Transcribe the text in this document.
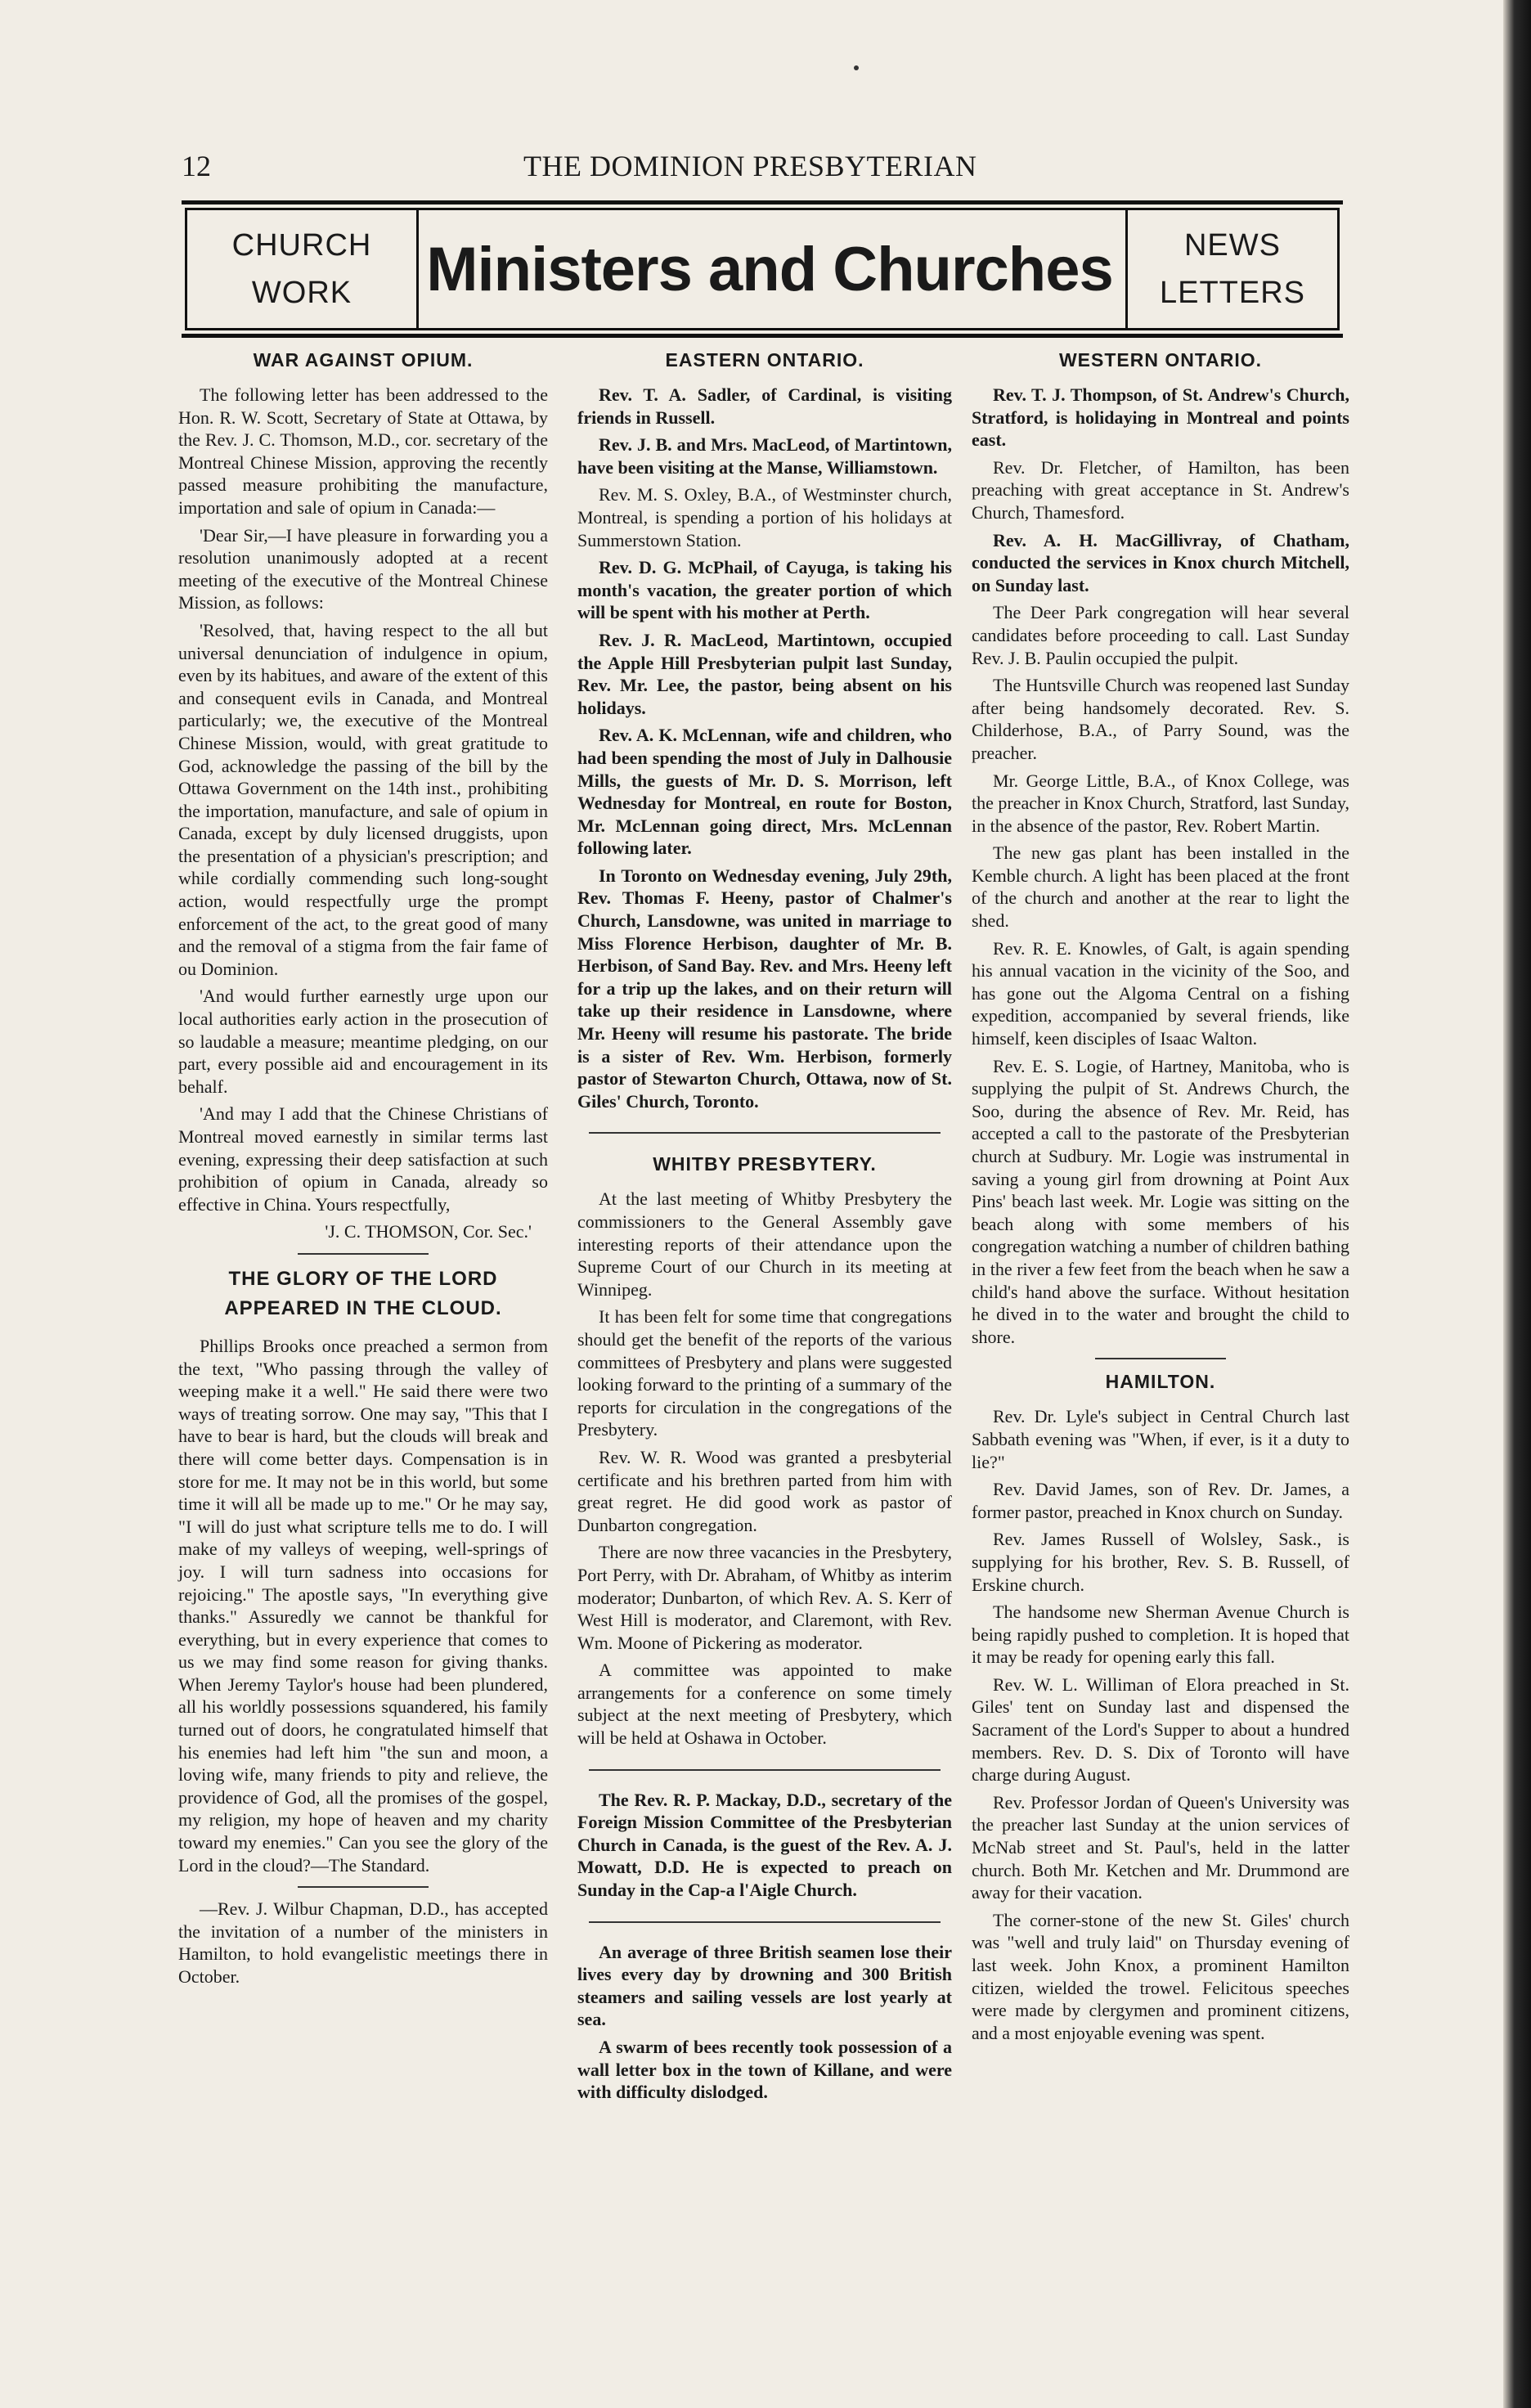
12	THE DOMINION PRESBYTERIAN
CHURCH
WORK	Ministers and Churches	NEWS
LETTERS
WAR AGAINST OPIUM.

The following letter has been addressed to the Hon. R. W. Scott, Secretary of State at Ottawa, by the Rev. J. C. Thomson, M.D., cor. secretary of the Montreal Chinese Mission, approving the recently passed measure prohibiting the manufacture, importation and sale of opium in Canada:—

'Dear Sir,—I have pleasure in forwarding you a resolution unanimously adopted at a recent meeting of the executive of the Montreal Chinese Mission, as follows:

'Resolved, that, having respect to the all but universal denunciation of indulgence in opium, even by its habitues, and aware of the extent of this and consequent evils in Canada, and Montreal particularly; we, the executive of the Montreal Chinese Mission, would, with great gratitude to God, acknowledge the passing of the bill by the Ottawa Government on the 14th inst., prohibiting the importation, manufacture, and sale of opium in Canada, except by duly licensed druggists, upon the presentation of a physician's prescription; and while cordially commending such long-sought action, would respectfully urge the prompt enforcement of the act, to the great good of many and the removal of a stigma from the fair fame of ou Dominion.

'And would further earnestly urge upon our local authorities early action in the prosecution of so laudable a measure; meantime pledging, on our part, every possible aid and encouragement in its behalf.

'And may I add that the Chinese Christians of Montreal moved earnestly in similar terms last evening, expressing their deep satisfaction at such prohibition of opium in Canada, already so effective in China. Yours respectfully,

'J. C. THOMSON, Cor. Sec.'

THE GLORY OF THE LORD APPEARED IN THE CLOUD.

Phillips Brooks once preached a sermon from the text, "Who passing through the valley of weeping make it a well." He said there were two ways of treating sorrow. One may say, "This that I have to bear is hard, but the clouds will break and there will come better days. Compensation is in store for me. It may not be in this world, but some time it will all be made up to me." Or he may say, "I will do just what scripture tells me to do. I will make of my valleys of weeping, well-springs of joy. I will turn sadness into occasions for rejoicing." The apostle says, "In everything give thanks." Assuredly we cannot be thankful for everything, but in every experience that comes to us we may find some reason for giving thanks. When Jeremy Taylor's house had been plundered, all his worldly possessions squandered, his family turned out of doors, he congratulated himself that his enemies had left him "the sun and moon, a loving wife, many friends to pity and relieve, the providence of God, all the promises of the gospel, my religion, my hope of heaven and my charity toward my enemies." Can you see the glory of the Lord in the cloud?—The Standard.

—Rev. J. Wilbur Chapman, D.D., has accepted the invitation of a number of the ministers in Hamilton, to hold evangelistic meetings there in October.

EASTERN ONTARIO.

Rev. T. A. Sadler, of Cardinal, is visiting friends in Russell.

Rev. J. B. and Mrs. MacLeod, of Martintown, have been visiting at the Manse, Williamstown.

Rev. M. S. Oxley, B.A., of Westminster church, Montreal, is spending a portion of his holidays at Summerstown Station.

Rev. D. G. McPhail, of Cayuga, is taking his month's vacation, the greater portion of which will be spent with his mother at Perth.

Rev. J. R. MacLeod, Martintown, occupied the Apple Hill Presbyterian pulpit last Sunday, Rev. Mr. Lee, the pastor, being absent on his holidays.

Rev. A. K. McLennan, wife and children, who had been spending the most of July in Dalhousie Mills, the guests of Mr. D. S. Morrison, left Wednesday for Montreal, en route for Boston, Mr. McLennan going direct, Mrs. McLennan following later.

In Toronto on Wednesday evening, July 29th, Rev. Thomas F. Heeny, pastor of Chalmer's Church, Lansdowne, was united in marriage to Miss Florence Herbison, daughter of Mr. B. Herbison, of Sand Bay. Rev. and Mrs. Heeny left for a trip up the lakes, and on their return will take up their residence in Lansdowne, where Mr. Heeny will resume his pastorate. The bride is a sister of Rev. Wm. Herbison, formerly pastor of Stewarton Church, Ottawa, now of St. Giles' Church, Toronto.

WHITBY PRESBYTERY.

At the last meeting of Whitby Presbytery the commissioners to the General Assembly gave interesting reports of their attendance upon the Supreme Court of our Church in its meeting at Winnipeg.

It has been felt for some time that congregations should get the benefit of the reports of the various committees of Presbytery and plans were suggested looking forward to the printing of a summary of the reports for circulation in the congregations of the Presbytery.

Rev. W. R. Wood was granted a presbyterial certificate and his brethren parted from him with great regret. He did good work as pastor of Dunbarton congregation.

There are now three vacancies in the Presbytery, Port Perry, with Dr. Abraham, of Whitby as interim moderator; Dunbarton, of which Rev. A. S. Kerr of West Hill is moderator, and Claremont, with Rev. Wm. Moone of Pickering as moderator.

A committee was appointed to make arrangements for a conference on some timely subject at the next meeting of Presbytery, which will be held at Oshawa in October.

The Rev. R. P. Mackay, D.D., secretary of the Foreign Mission Committee of the Presbyterian Church in Canada, is the guest of the Rev. A. J. Mowatt, D.D. He is expected to preach on Sunday in the Cap-a l'Aigle Church.

An average of three British seamen lose their lives every day by drowning and 300 British steamers and sailing vessels are lost yearly at sea.

A swarm of bees recently took possession of a wall letter box in the town of Killane, and were with difficulty dislodged.

WESTERN ONTARIO.

Rev. T. J. Thompson, of St. Andrew's Church, Stratford, is holidaying in Montreal and points east.

Rev. Dr. Fletcher, of Hamilton, has been preaching with great acceptance in St. Andrew's Church, Thamesford.

Rev. A. H. MacGillivray, of Chatham, conducted the services in Knox church Mitchell, on Sunday last.

The Deer Park congregation will hear several candidates before proceeding to call. Last Sunday Rev. J. B. Paulin occupied the pulpit.

The Huntsville Church was reopened last Sunday after being handsomely decorated. Rev. S. Childerhose, B.A., of Parry Sound, was the preacher.

Mr. George Little, B.A., of Knox College, was the preacher in Knox Church, Stratford, last Sunday, in the absence of the pastor, Rev. Robert Martin.

The new gas plant has been installed in the Kemble church. A light has been placed at the front of the church and another at the rear to light the shed.

Rev. R. E. Knowles, of Galt, is again spending his annual vacation in the vicinity of the Soo, and has gone out the Algoma Central on a fishing expedition, accompanied by several friends, like himself, keen disciples of Isaac Walton.

Rev. E. S. Logie, of Hartney, Manitoba, who is supplying the pulpit of St. Andrews Church, the Soo, during the absence of Rev. Mr. Reid, has accepted a call to the pastorate of the Presbyterian church at Sudbury. Mr. Logie was instrumental in saving a young girl from drowning at Point Aux Pins' beach last week. Mr. Logie was sitting on the beach along with some members of his congregation watching a number of children bathing in the river a few feet from the beach when he saw a child's hand above the surface. Without hesitation he dived in to the water and brought the child to shore.

HAMILTON.

Rev. Dr. Lyle's subject in Central Church last Sabbath evening was "When, if ever, is it a duty to lie?"

Rev. David James, son of Rev. Dr. James, a former pastor, preached in Knox church on Sunday.

Rev. James Russell of Wolsley, Sask., is supplying for his brother, Rev. S. B. Russell, of Erskine church.

The handsome new Sherman Avenue Church is being rapidly pushed to completion. It is hoped that it may be ready for opening early this fall.

Rev. W. L. Williman of Elora preached in St. Giles' tent on Sunday last and dispensed the Sacrament of the Lord's Supper to about a hundred members. Rev. D. S. Dix of Toronto will have charge during August.

Rev. Professor Jordan of Queen's University was the preacher last Sunday at the union services of McNab street and St. Paul's, held in the latter church. Both Mr. Ketchen and Mr. Drummond are away for their vacation.

The corner-stone of the new St. Giles' church was "well and truly laid" on Thursday evening of last week. John Knox, a prominent Hamilton citizen, wielded the trowel. Felicitous speeches were made by clergymen and prominent citizens, and a most enjoyable evening was spent.
